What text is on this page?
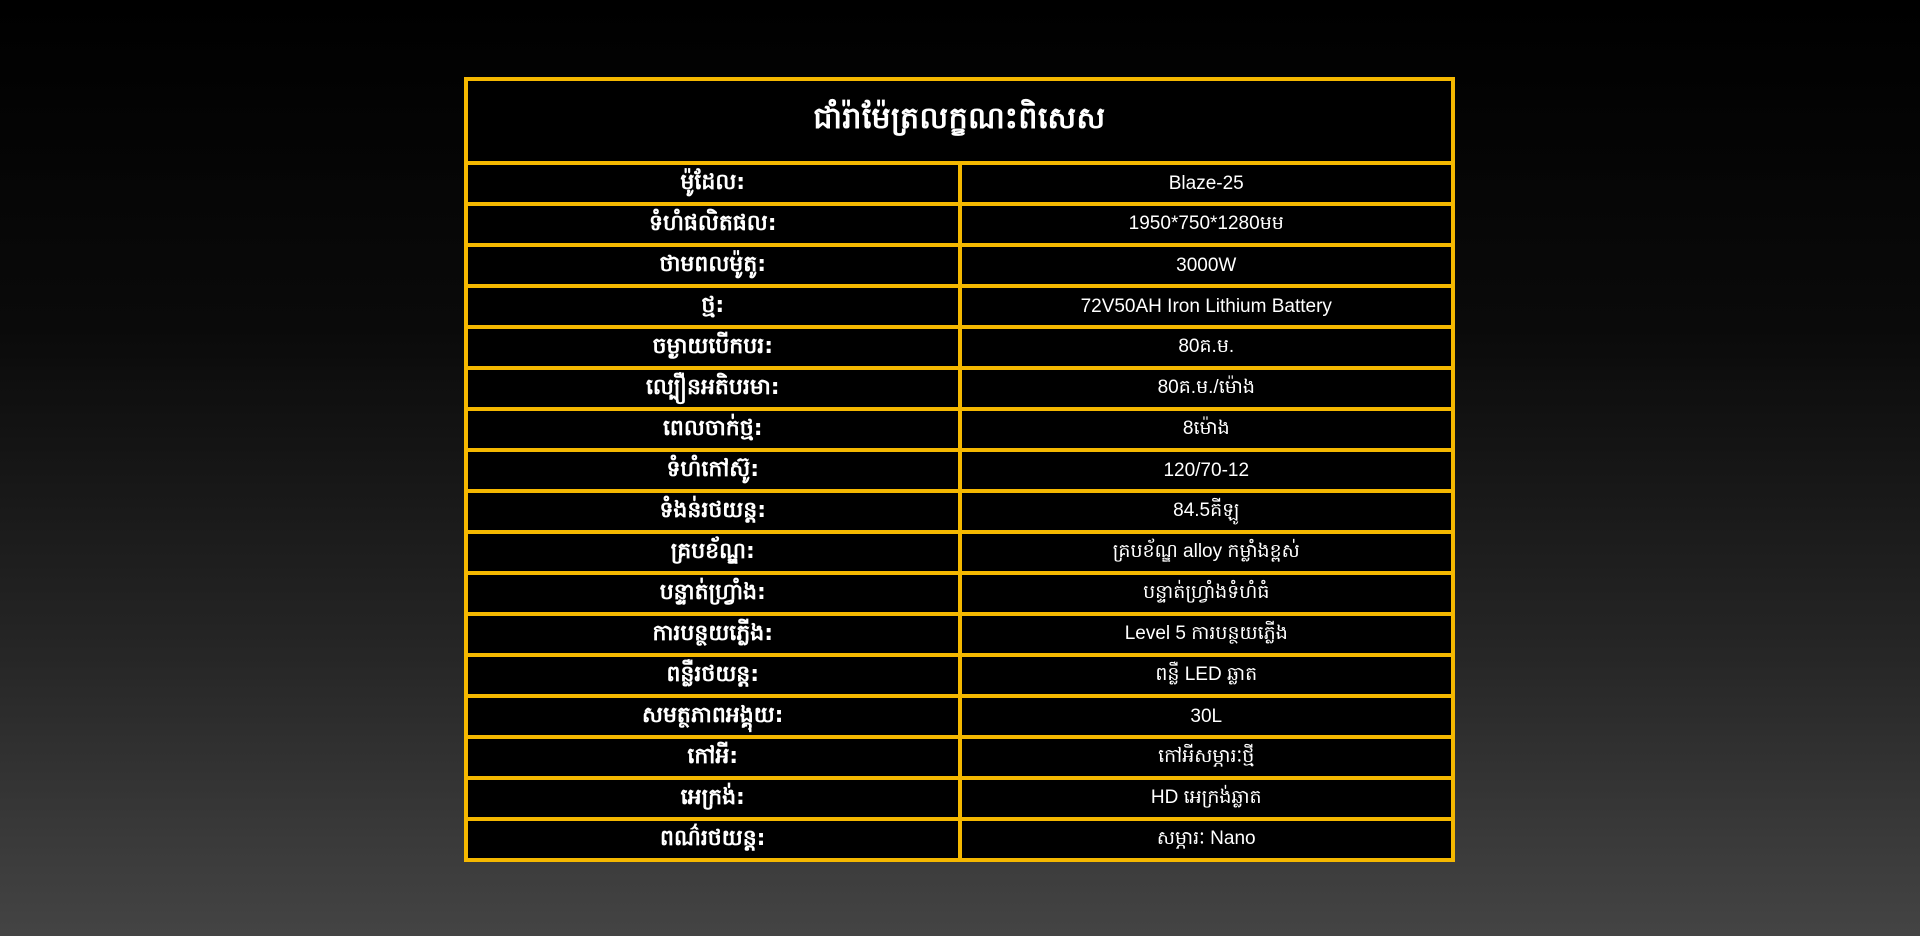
ជាំរ៉ាម៉ែត្រលក្ខណះពិសេស	
ម៉ូដែល:	Blaze-25
ទំហំផលិតផល:	1950*750*1280មម
ថាមពលម៉ូតូ:	3000W
ថ្ម:	72V50AH Iron Lithium Battery
ចម្ងាយបើកបរ:	80គ.ម.
ល្បឿនអតិបរមា:	80គ.ម./ម៉ោង
ពេលចាក់ថ្ម:	8ម៉ោង
ទំហំកៅស៊ូ:	120/70-12
ទំងន់រថយន្ត:	84.5គីឡូ
គ្របខ័ណ្ឌ:	គ្របខ័ណ្ឌ alloy កម្លាំងខ្ពស់
បន្ទាត់ហ្វ្រាំង:	បន្ទាត់ហ្វ្រាំងទំហំធំ
ការបន្ថយភ្លើង:	Level 5 ការបន្ថយភ្លើង
ពន្លឺរថយន្ត:	ពន្លឺ LED ឆ្លាត
សមត្ថភាពអង្គុយ:	30L
កៅអី:	កៅអីសម្ភារៈថ្មី
អេក្រង់:	HD អេក្រង់ឆ្លាត
ពណ៌រថយន្ត:	សម្ភារៈ Nano
